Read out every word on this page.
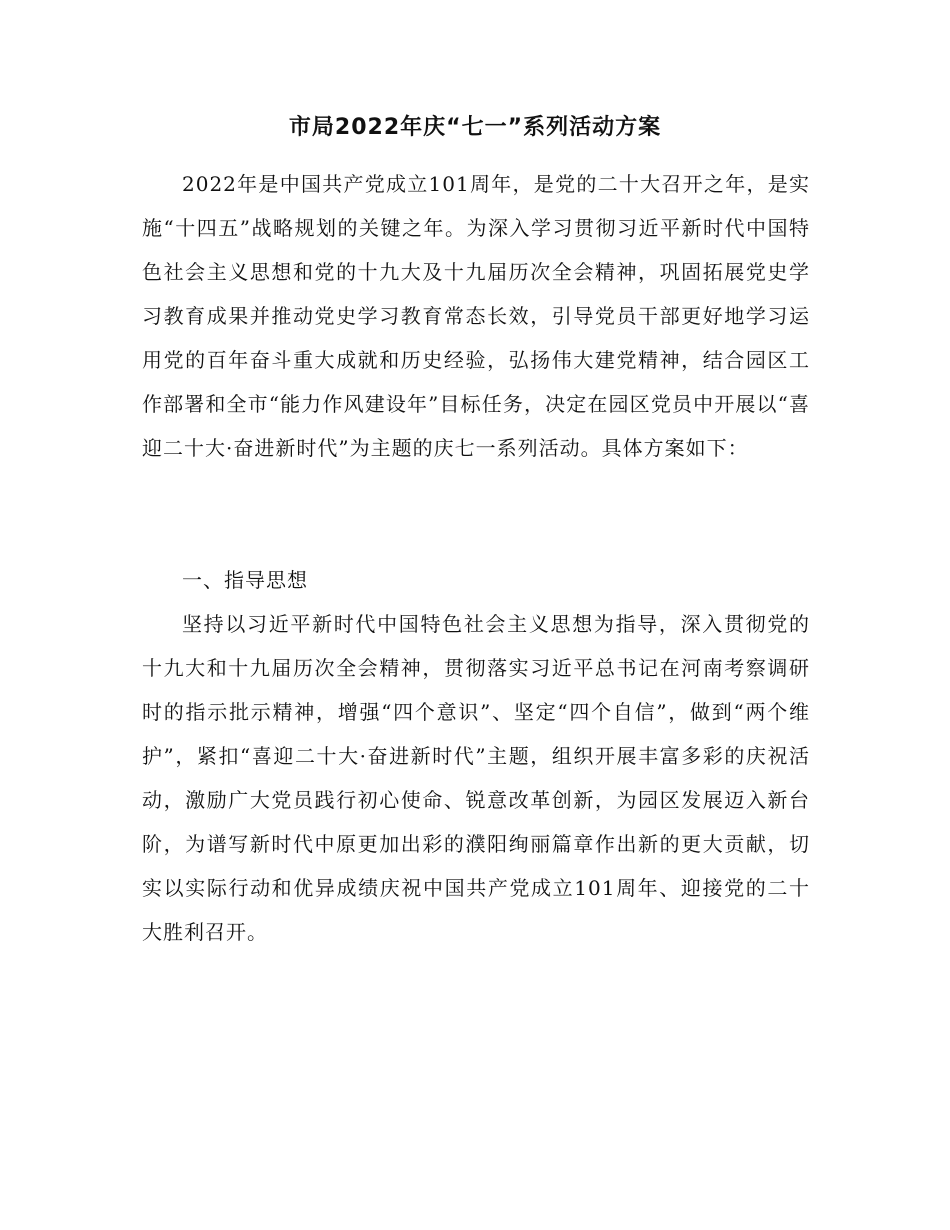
市局2022年庆“七一”系列活动方案

2022年是中国共产党成立101周年，是党的二十大召开之年，是实施“十四五”战略规划的关键之年。为深入学习贯彻习近平新时代中国特色社会主义思想和党的十九大及十九届历次全会精神，巩固拓展党史学习教育成果并推动党史学习教育常态长效，引导党员干部更好地学习运用党的百年奋斗重大成就和历史经验，弘扬伟大建党精神，结合园区工作部署和全市“能力作风建设年”目标任务，决定在园区党员中开展以“喜迎二十大·奋进新时代”为主题的庆七一系列活动。具体方案如下：

一、指导思想

坚持以习近平新时代中国特色社会主义思想为指导，深入贯彻党的十九大和十九届历次全会精神，贯彻落实习近平总书记在河南考察调研时的指示批示精神，增强“四个意识”、坚定“四个自信”，做到“两个维护”，紧扣“喜迎二十大·奋进新时代”主题，组织开展丰富多彩的庆祝活动，激励广大党员践行初心使命、锐意改革创新，为园区发展迈入新台阶，为谱写新时代中原更加出彩的濮阳绚丽篇章作出新的更大贡献，切实以实际行动和优异成绩庆祝中国共产党成立101周年、迎接党的二十大胜利召开。
